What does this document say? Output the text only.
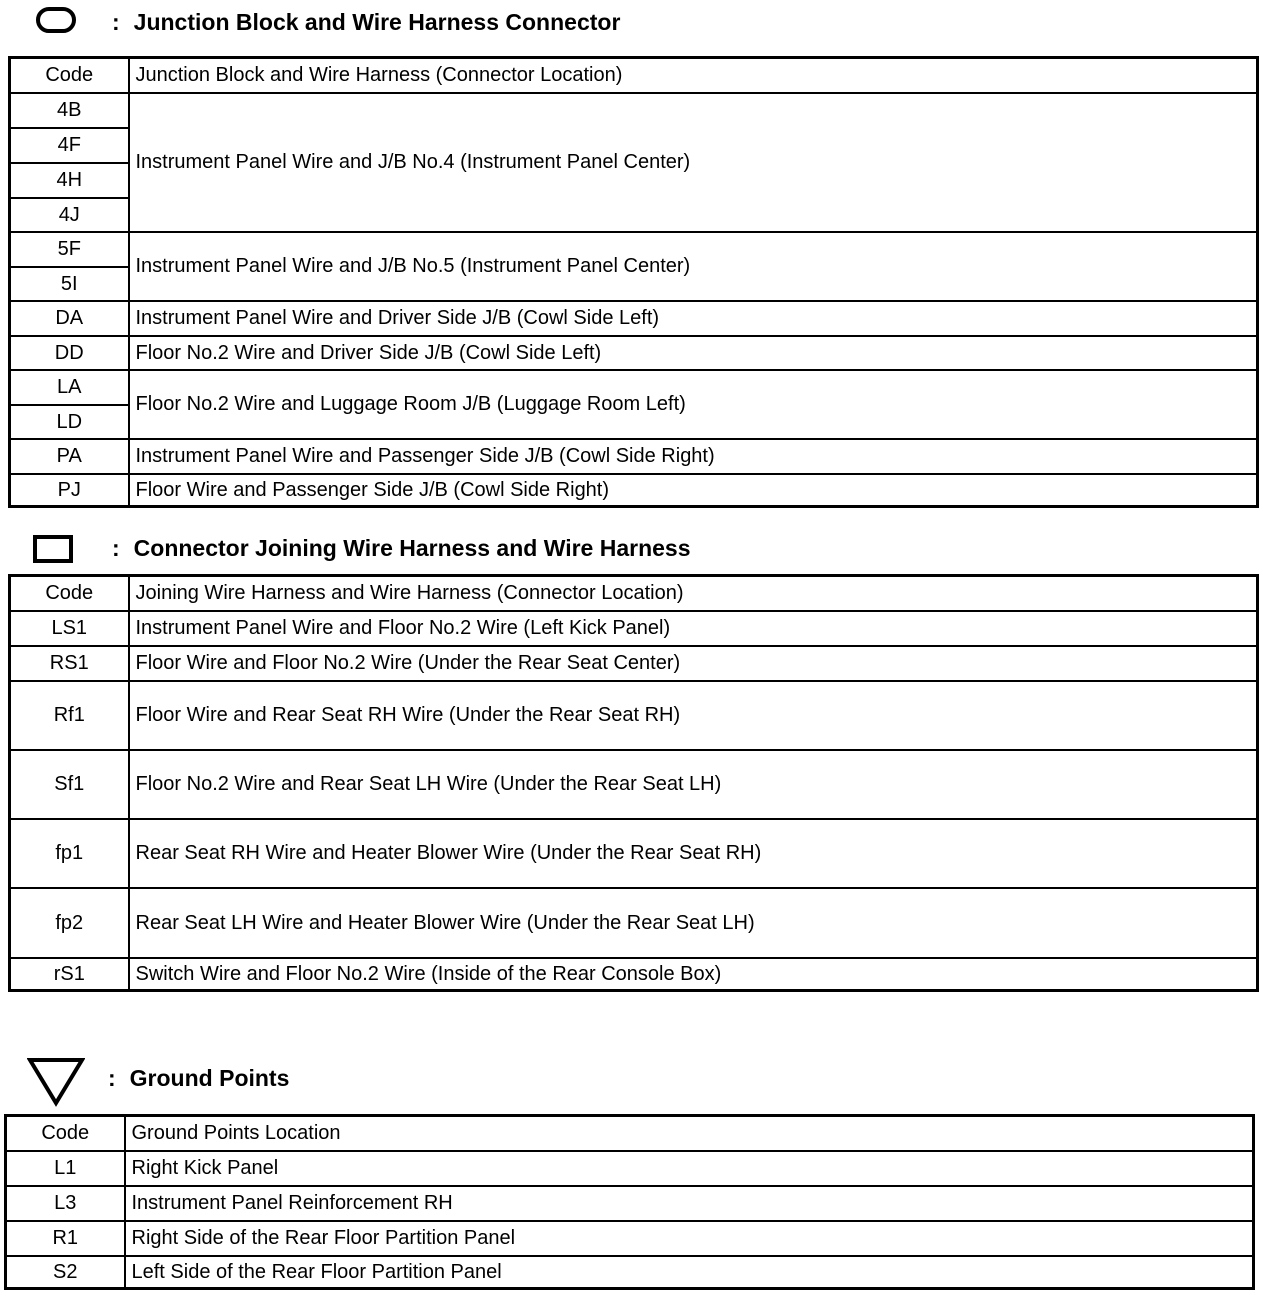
: Junction Block and Wire Harness Connector
Code	Junction Block and Wire Harness (Connector Location)
4B	Instrument Panel Wire and J/B No.4 (Instrument Panel Center)
4F	
4H	
4J	
5F	Instrument Panel Wire and J/B No.5 (Instrument Panel Center)
5I	
DA	Instrument Panel Wire and Driver Side J/B (Cowl Side Left)
DD	Floor No.2 Wire and Driver Side J/B (Cowl Side Left)
LA	Floor No.2 Wire and Luggage Room J/B (Luggage Room Left)
LD	
PA	Instrument Panel Wire and Passenger Side J/B (Cowl Side Right)
PJ	Floor Wire and Passenger Side J/B (Cowl Side Right)
: Connector Joining Wire Harness and Wire Harness
Code	Joining Wire Harness and Wire Harness (Connector Location)
LS1	Instrument Panel Wire and Floor No.2 Wire (Left Kick Panel)
RS1	Floor Wire and Floor No.2 Wire (Under the Rear Seat Center)
Rf1	Floor Wire and Rear Seat RH Wire (Under the Rear Seat RH)
Sf1	Floor No.2 Wire and Rear Seat LH Wire (Under the Rear Seat LH)
fp1	Rear Seat RH Wire and Heater Blower Wire (Under the Rear Seat RH)
fp2	Rear Seat LH Wire and Heater Blower Wire (Under the Rear Seat LH)
rS1	Switch Wire and Floor No.2 Wire (Inside of the Rear Console Box)
: Ground Points
Code	Ground Points Location
L1	Right Kick Panel
L3	Instrument Panel Reinforcement RH
R1	Right Side of the Rear Floor Partition Panel
S2	Left Side of the Rear Floor Partition Panel
